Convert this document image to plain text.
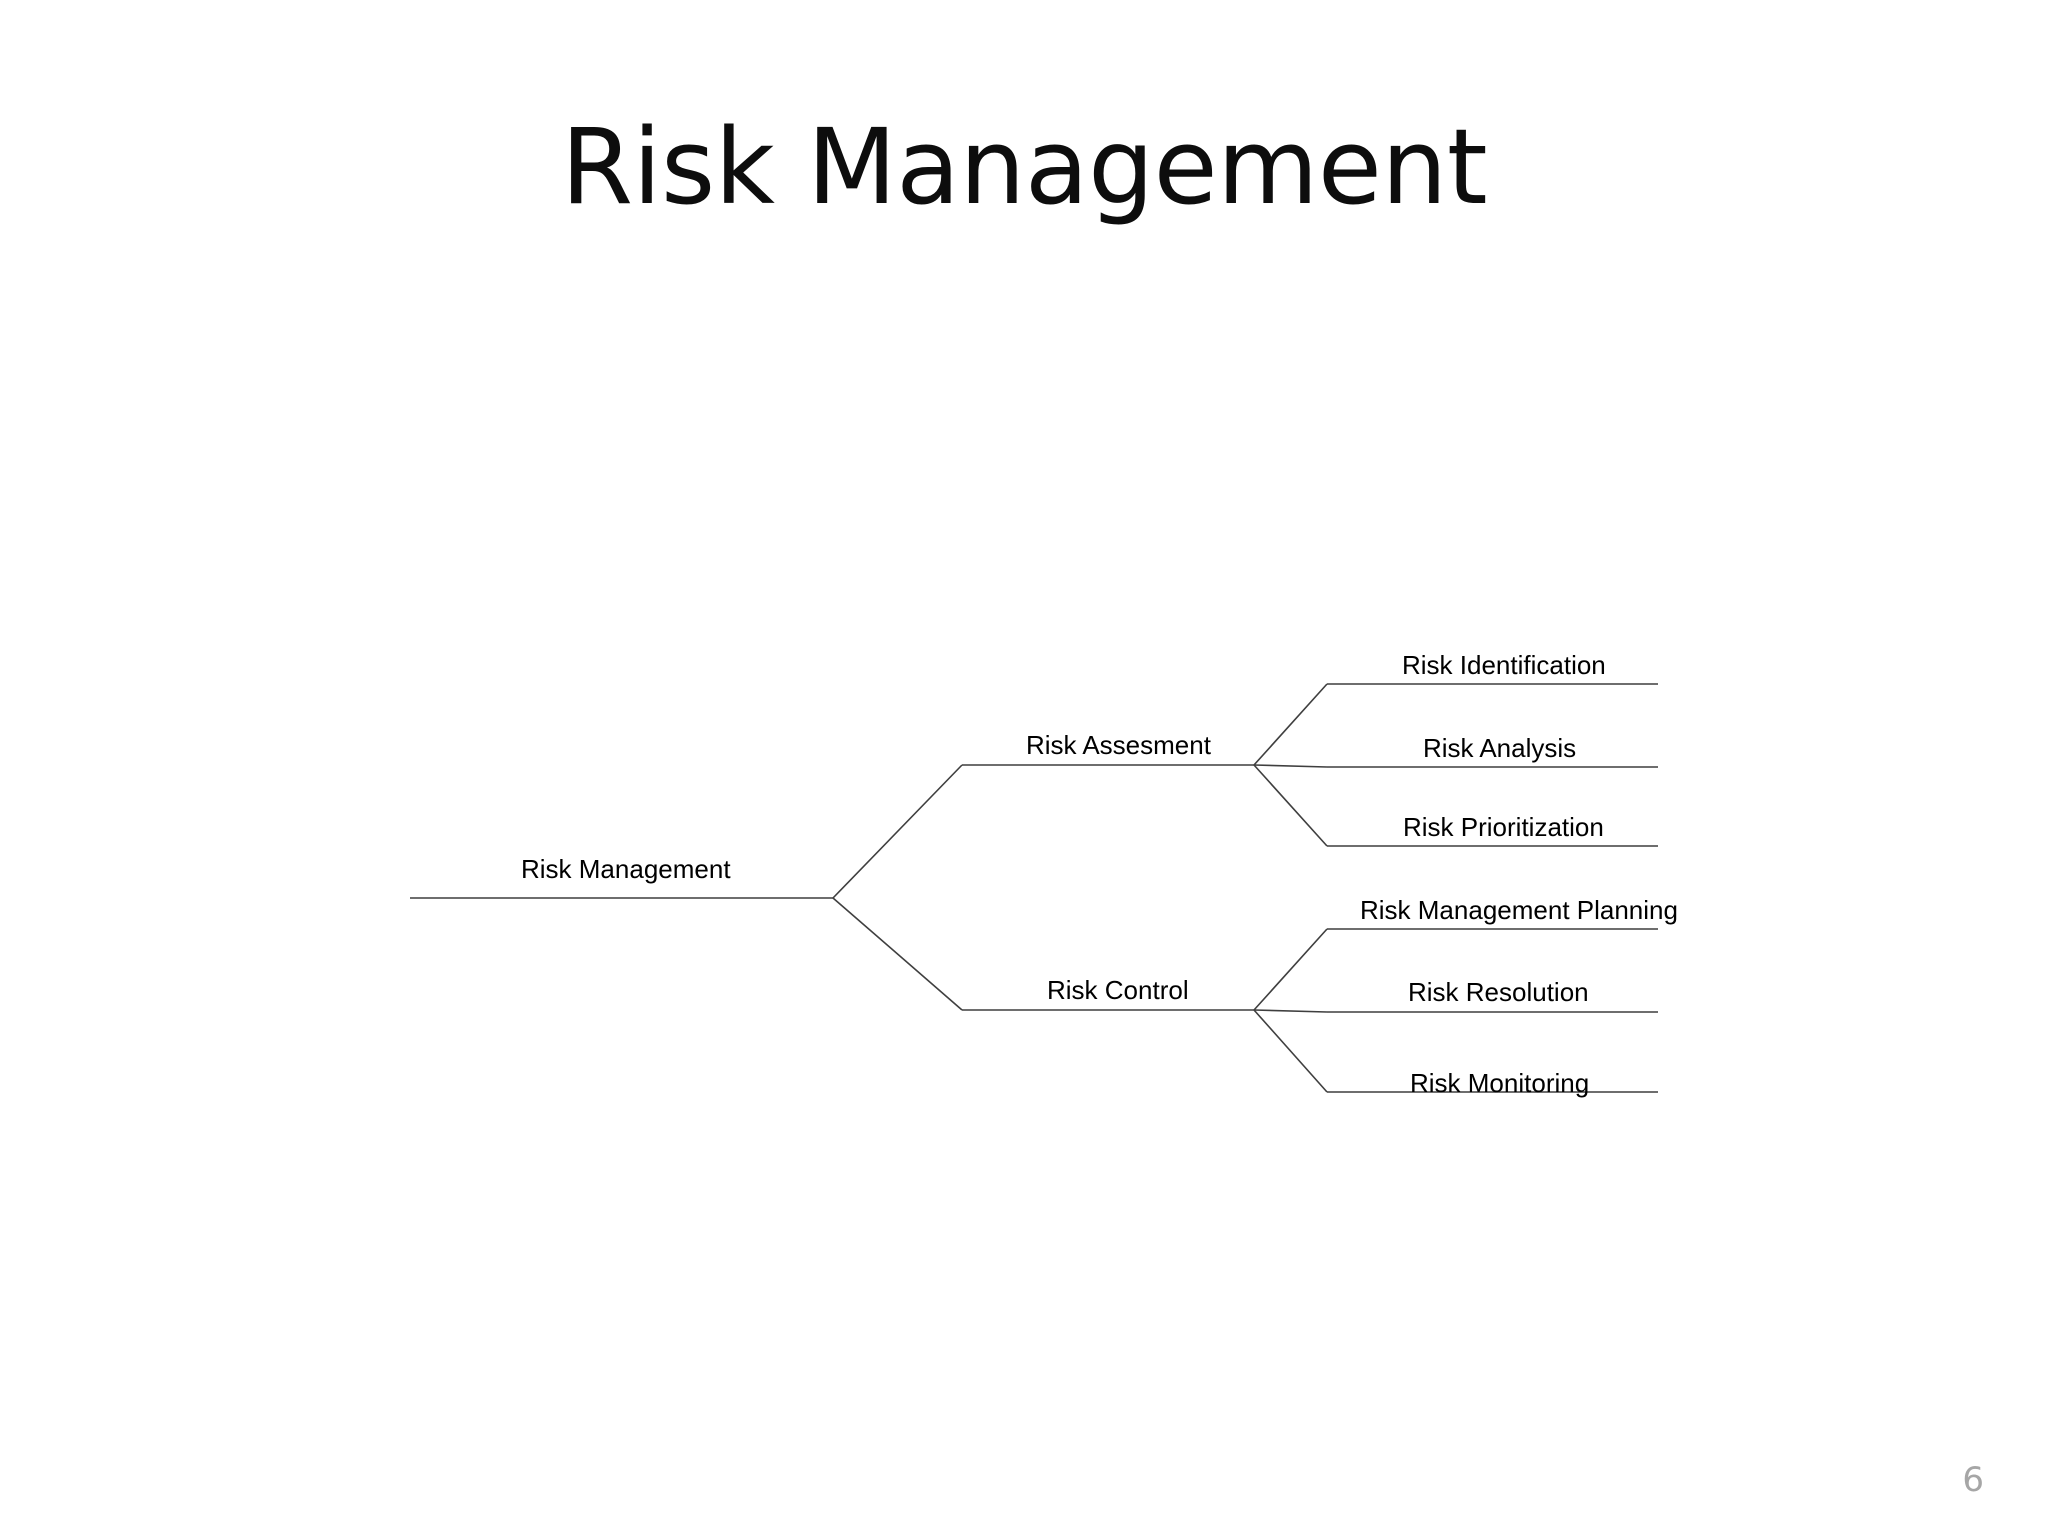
Risk Management
Risk Management
Risk Assesment
Risk Control
Risk Identification
Risk Analysis
Risk Prioritization
Risk Management Planning
Risk Resolution
Risk Monitoring
6
